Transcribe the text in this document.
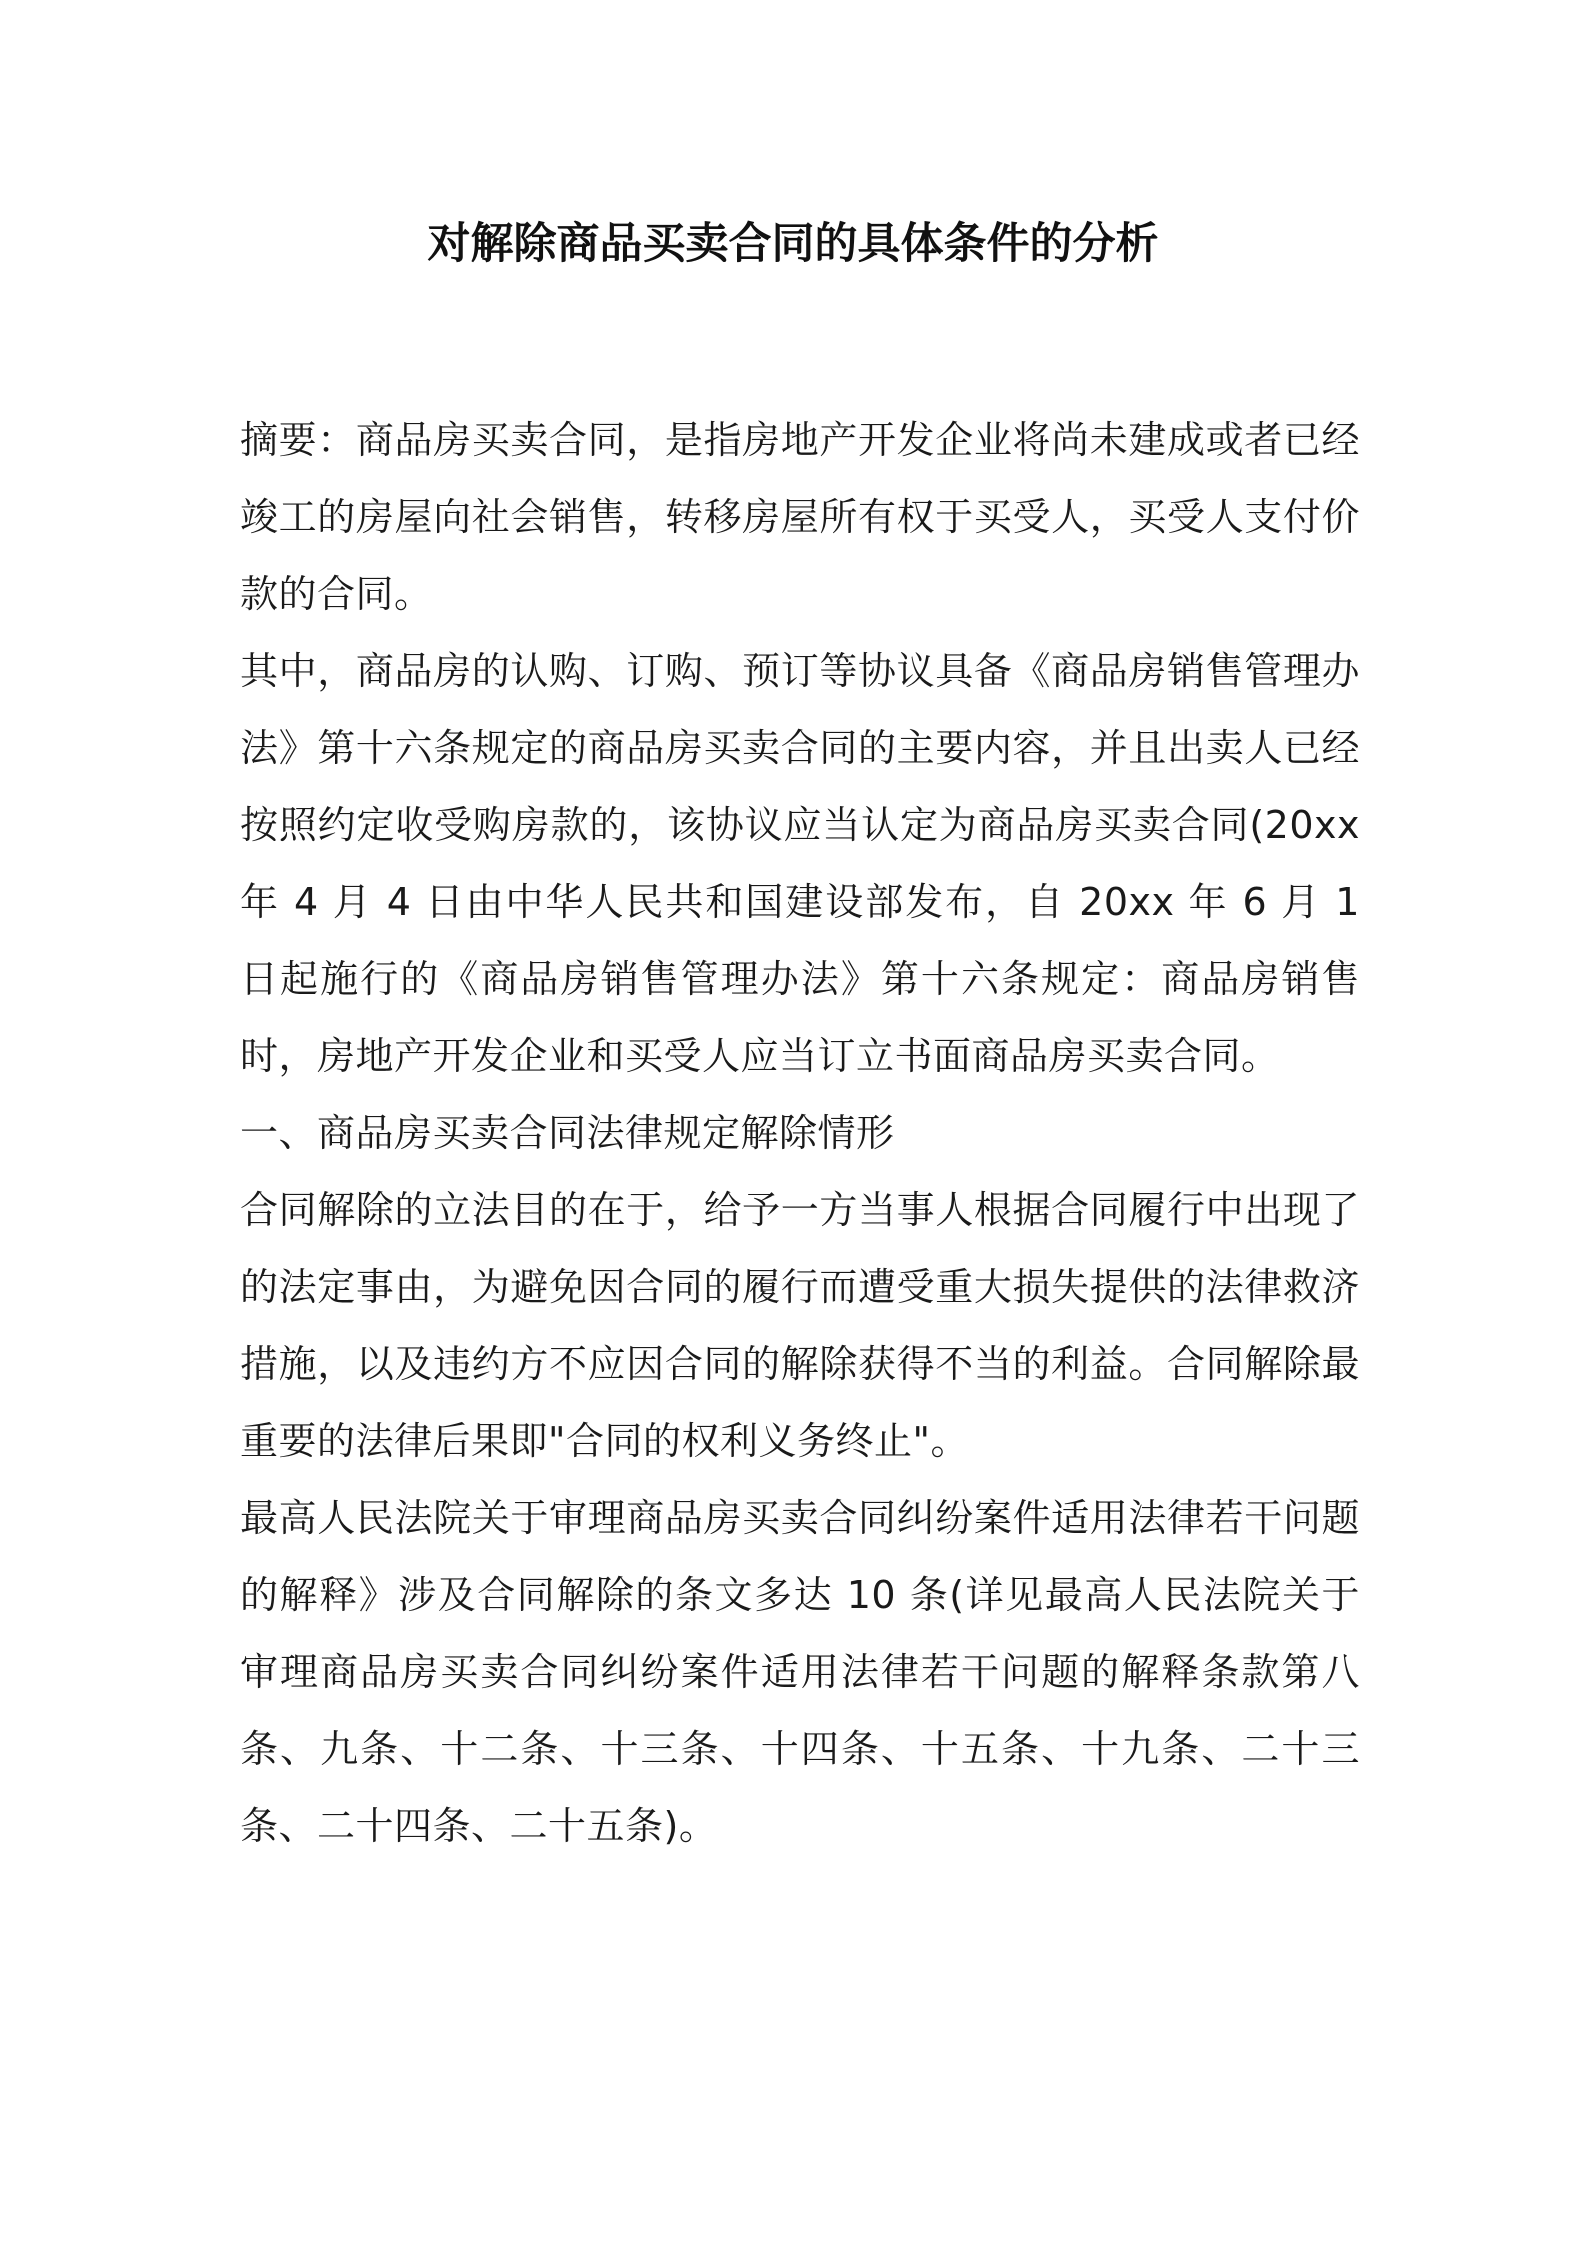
对解除商品买卖合同的具体条件的分析

摘要：商品房买卖合同，是指房地产开发企业将尚未建成或者已经竣工的房屋向社会销售，转移房屋所有权于买受人，买受人支付价款的合同。

其中，商品房的认购、订购、预订等协议具备《商品房销售管理办法》第十六条规定的商品房买卖合同的主要内容，并且出卖人已经按照约定收受购房款的，该协议应当认定为商品房买卖合同(20xx 年 4 月 4 日由中华人民共和国建设部发布，自 20xx 年 6 月 1 日起施行的《商品房销售管理办法》第十六条规定：商品房销售时，房地产开发企业和买受人应当订立书面商品房买卖合同。

一、商品房买卖合同法律规定解除情形

合同解除的立法目的在于，给予一方当事人根据合同履行中出现了的法定事由，为避免因合同的履行而遭受重大损失提供的法律救济措施，以及违约方不应因合同的解除获得不当的利益。合同解除最重要的法律后果即"合同的权利义务终止"。

最高人民法院关于审理商品房买卖合同纠纷案件适用法律若干问题的解释》涉及合同解除的条文多达 10 条(详见最高人民法院关于审理商品房买卖合同纠纷案件适用法律若干问题的解释条款第八条、九条、十二条、十三条、十四条、十五条、十九条、二十三条、二十四条、二十五条)。
